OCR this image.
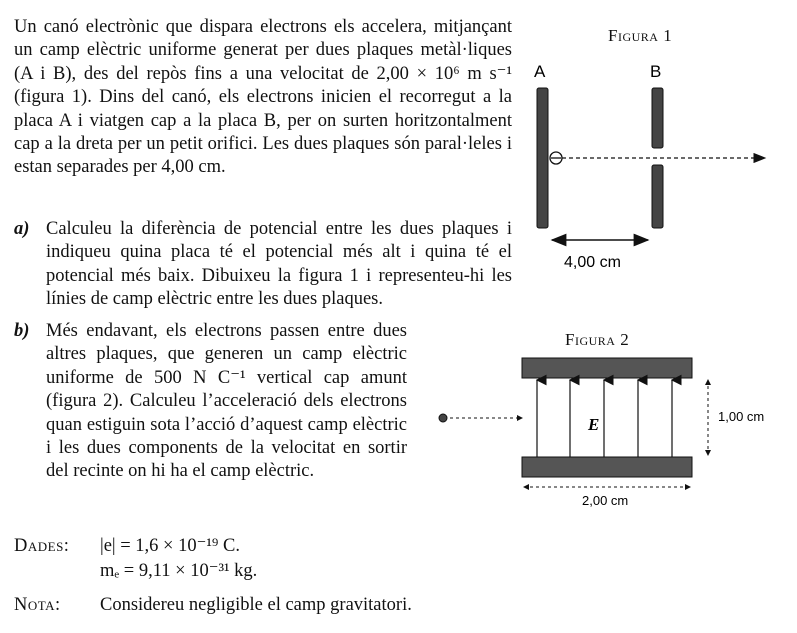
Un canó electrònic que dispara electrons els accelera, mitjançant un camp elèctric uniforme generat per dues plaques metàl·liques (A i B), des del repòs fins a una velocitat de 2,00 × 10⁶ m s⁻¹ (figura 1). Dins del canó, els electrons inicien el recorregut a la placa A i viatgen cap a la placa B, per on surten horitzontalment cap a la dreta per un petit orifici. Les dues plaques són paral·leles i estan separades per 4,00 cm.
a) Calculeu la diferència de potencial entre les dues plaques i indiqueu quina placa té el potencial més alt i quina té el potencial més baix. Dibuixeu la figura 1 i representeu-hi les línies de camp elèctric entre les dues plaques.
b) Més endavant, els electrons passen entre dues altres plaques, que generen un camp elèctric uniforme de 500 N C⁻¹ vertical cap amunt (figura 2). Calculeu l’acceleració dels electrons quan estiguin sota l’acció d’aquest camp elèctric i les dues components de la velocitat en sortir del recinte on hi ha el camp elèctric.
Dades: |e| = 1,6 × 10⁻¹⁹ C.
mₑ = 9,11 × 10⁻³¹ kg.
Nota: Considereu negligible el camp gravitatori.
Figura 1
A	B
4,00 cm
Figura 2
E	1,00 cm
2,00 cm
